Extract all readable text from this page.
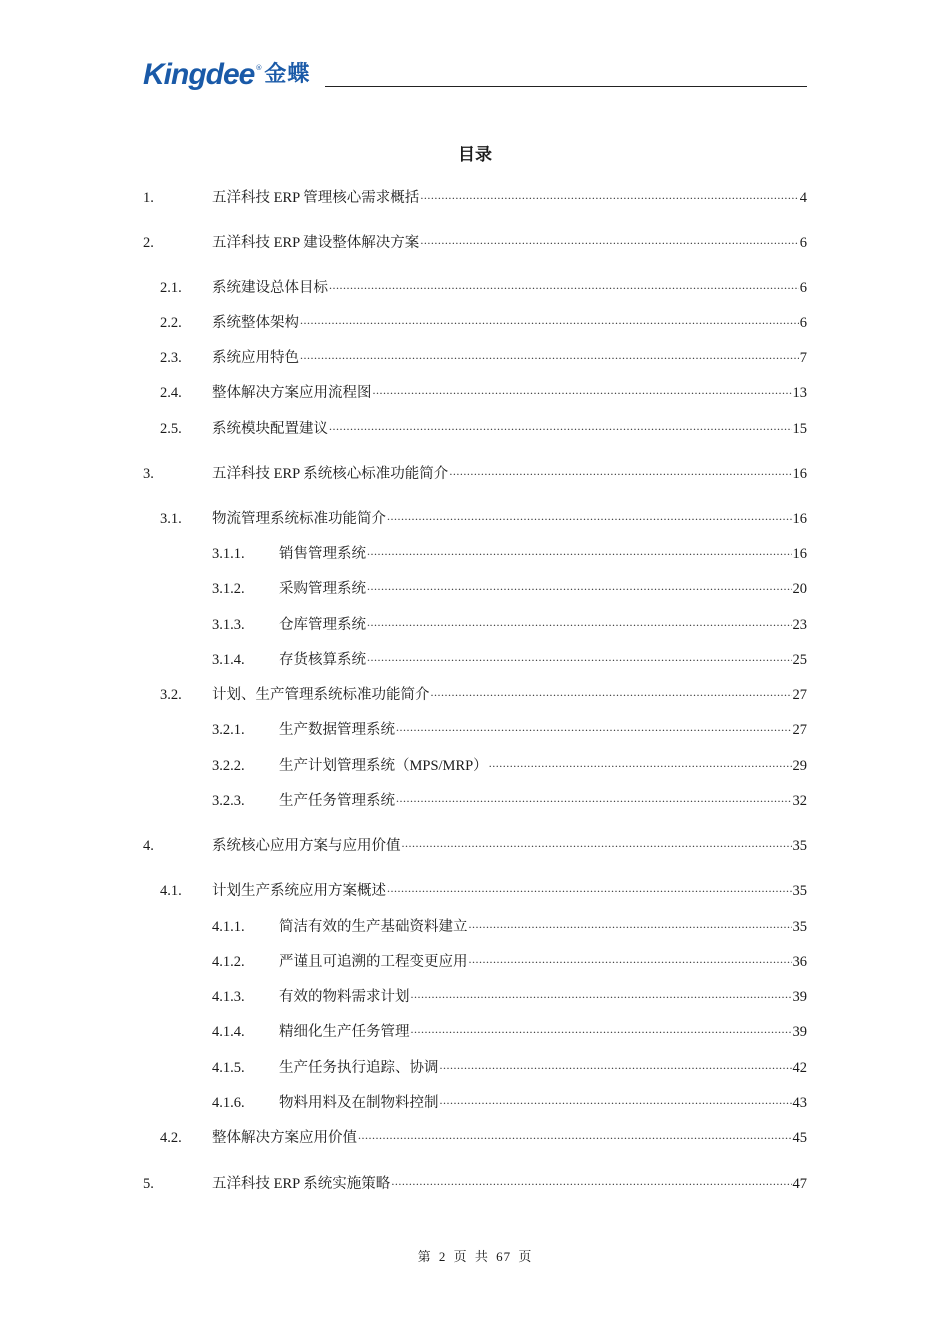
Kingdee ® 金蝶
目录
1.	五洋科技 ERP 管理核心需求概括 .....	4
2.	五洋科技 ERP 建设整体解决方案 .....	6
2.1.	系统建设总体目标 .....	6
2.2.	系统整体架构 .....	6
2.3.	系统应用特色 .....	7
2.4.	整体解决方案应用流程图 .....	13
2.5.	系统模块配置建议 .....	15
3.	五洋科技 ERP 系统核心标准功能简介 .....	16
3.1.	物流管理系统标准功能简介 .....	16
3.1.1.	销售管理系统 .....	16
3.1.2.	采购管理系统 .....	20
3.1.3.	仓库管理系统 .....	23
3.1.4.	存货核算系统 .....	25
3.2.	计划、生产管理系统标准功能简介 .....	27
3.2.1.	生产数据管理系统 .....	27
3.2.2.	生产计划管理系统（MPS/MRP） .....	29
3.2.3.	生产任务管理系统 .....	32
4.	系统核心应用方案与应用价值 .....	35
4.1.	计划生产系统应用方案概述 .....	35
4.1.1.	简洁有效的生产基础资料建立 .....	35
4.1.2.	严谨且可追溯的工程变更应用 .....	36
4.1.3.	有效的物料需求计划 .....	39
4.1.4.	精细化生产任务管理 .....	39
4.1.5.	生产任务执行追踪、协调 .....	42
4.1.6.	物料用料及在制物料控制 .....	43
4.2.	整体解决方案应用价值 .....	45
5.	五洋科技 ERP 系统实施策略 .....	47
第 2 页 共 67 页
